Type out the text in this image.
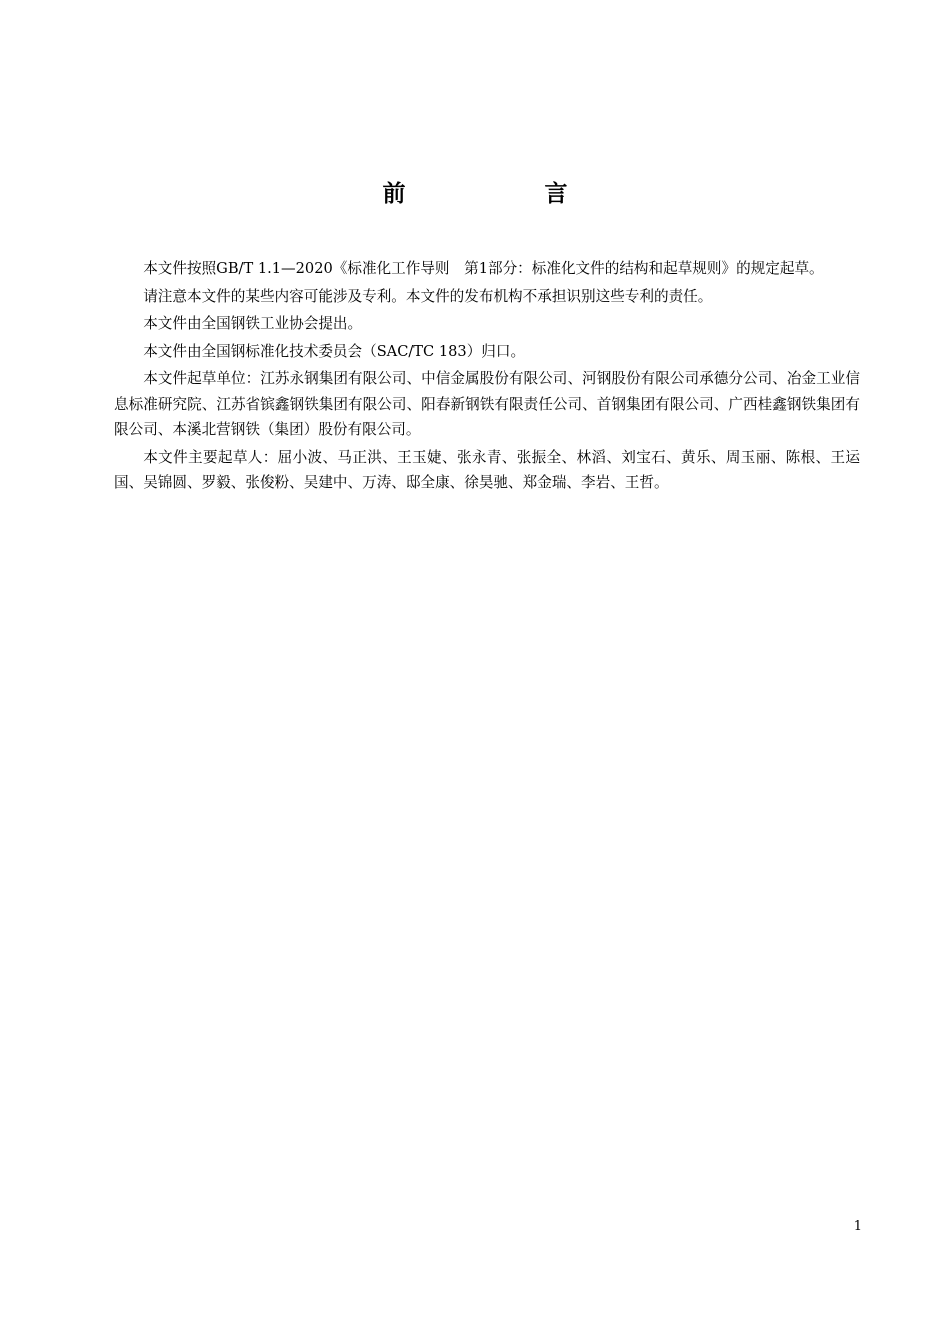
前　言

本文件按照GB/T 1.1—2020《标准化工作导则　第1部分：标准化文件的结构和起草规则》的规定起草。

请注意本文件的某些内容可能涉及专利。本文件的发布机构不承担识别这些专利的责任。

本文件由全国钢铁工业协会提出。

本文件由全国钢标准化技术委员会（SAC/TC 183）归口。

本文件起草单位：江苏永钢集团有限公司、中信金属股份有限公司、河钢股份有限公司承德分公司、冶金工业信息标准研究院、江苏省镔鑫钢铁集团有限公司、阳春新钢铁有限责任公司、首钢集团有限公司、广西桂鑫钢铁集团有限公司、本溪北营钢铁（集团）股份有限公司。

本文件主要起草人：屈小波、马正洪、王玉婕、张永青、张振全、林滔、刘宝石、黄乐、周玉丽、陈根、王运国、吴锦圆、罗毅、张俊粉、吴建中、万涛、邸全康、徐昊驰、郑金瑞、李岩、王哲。

1
